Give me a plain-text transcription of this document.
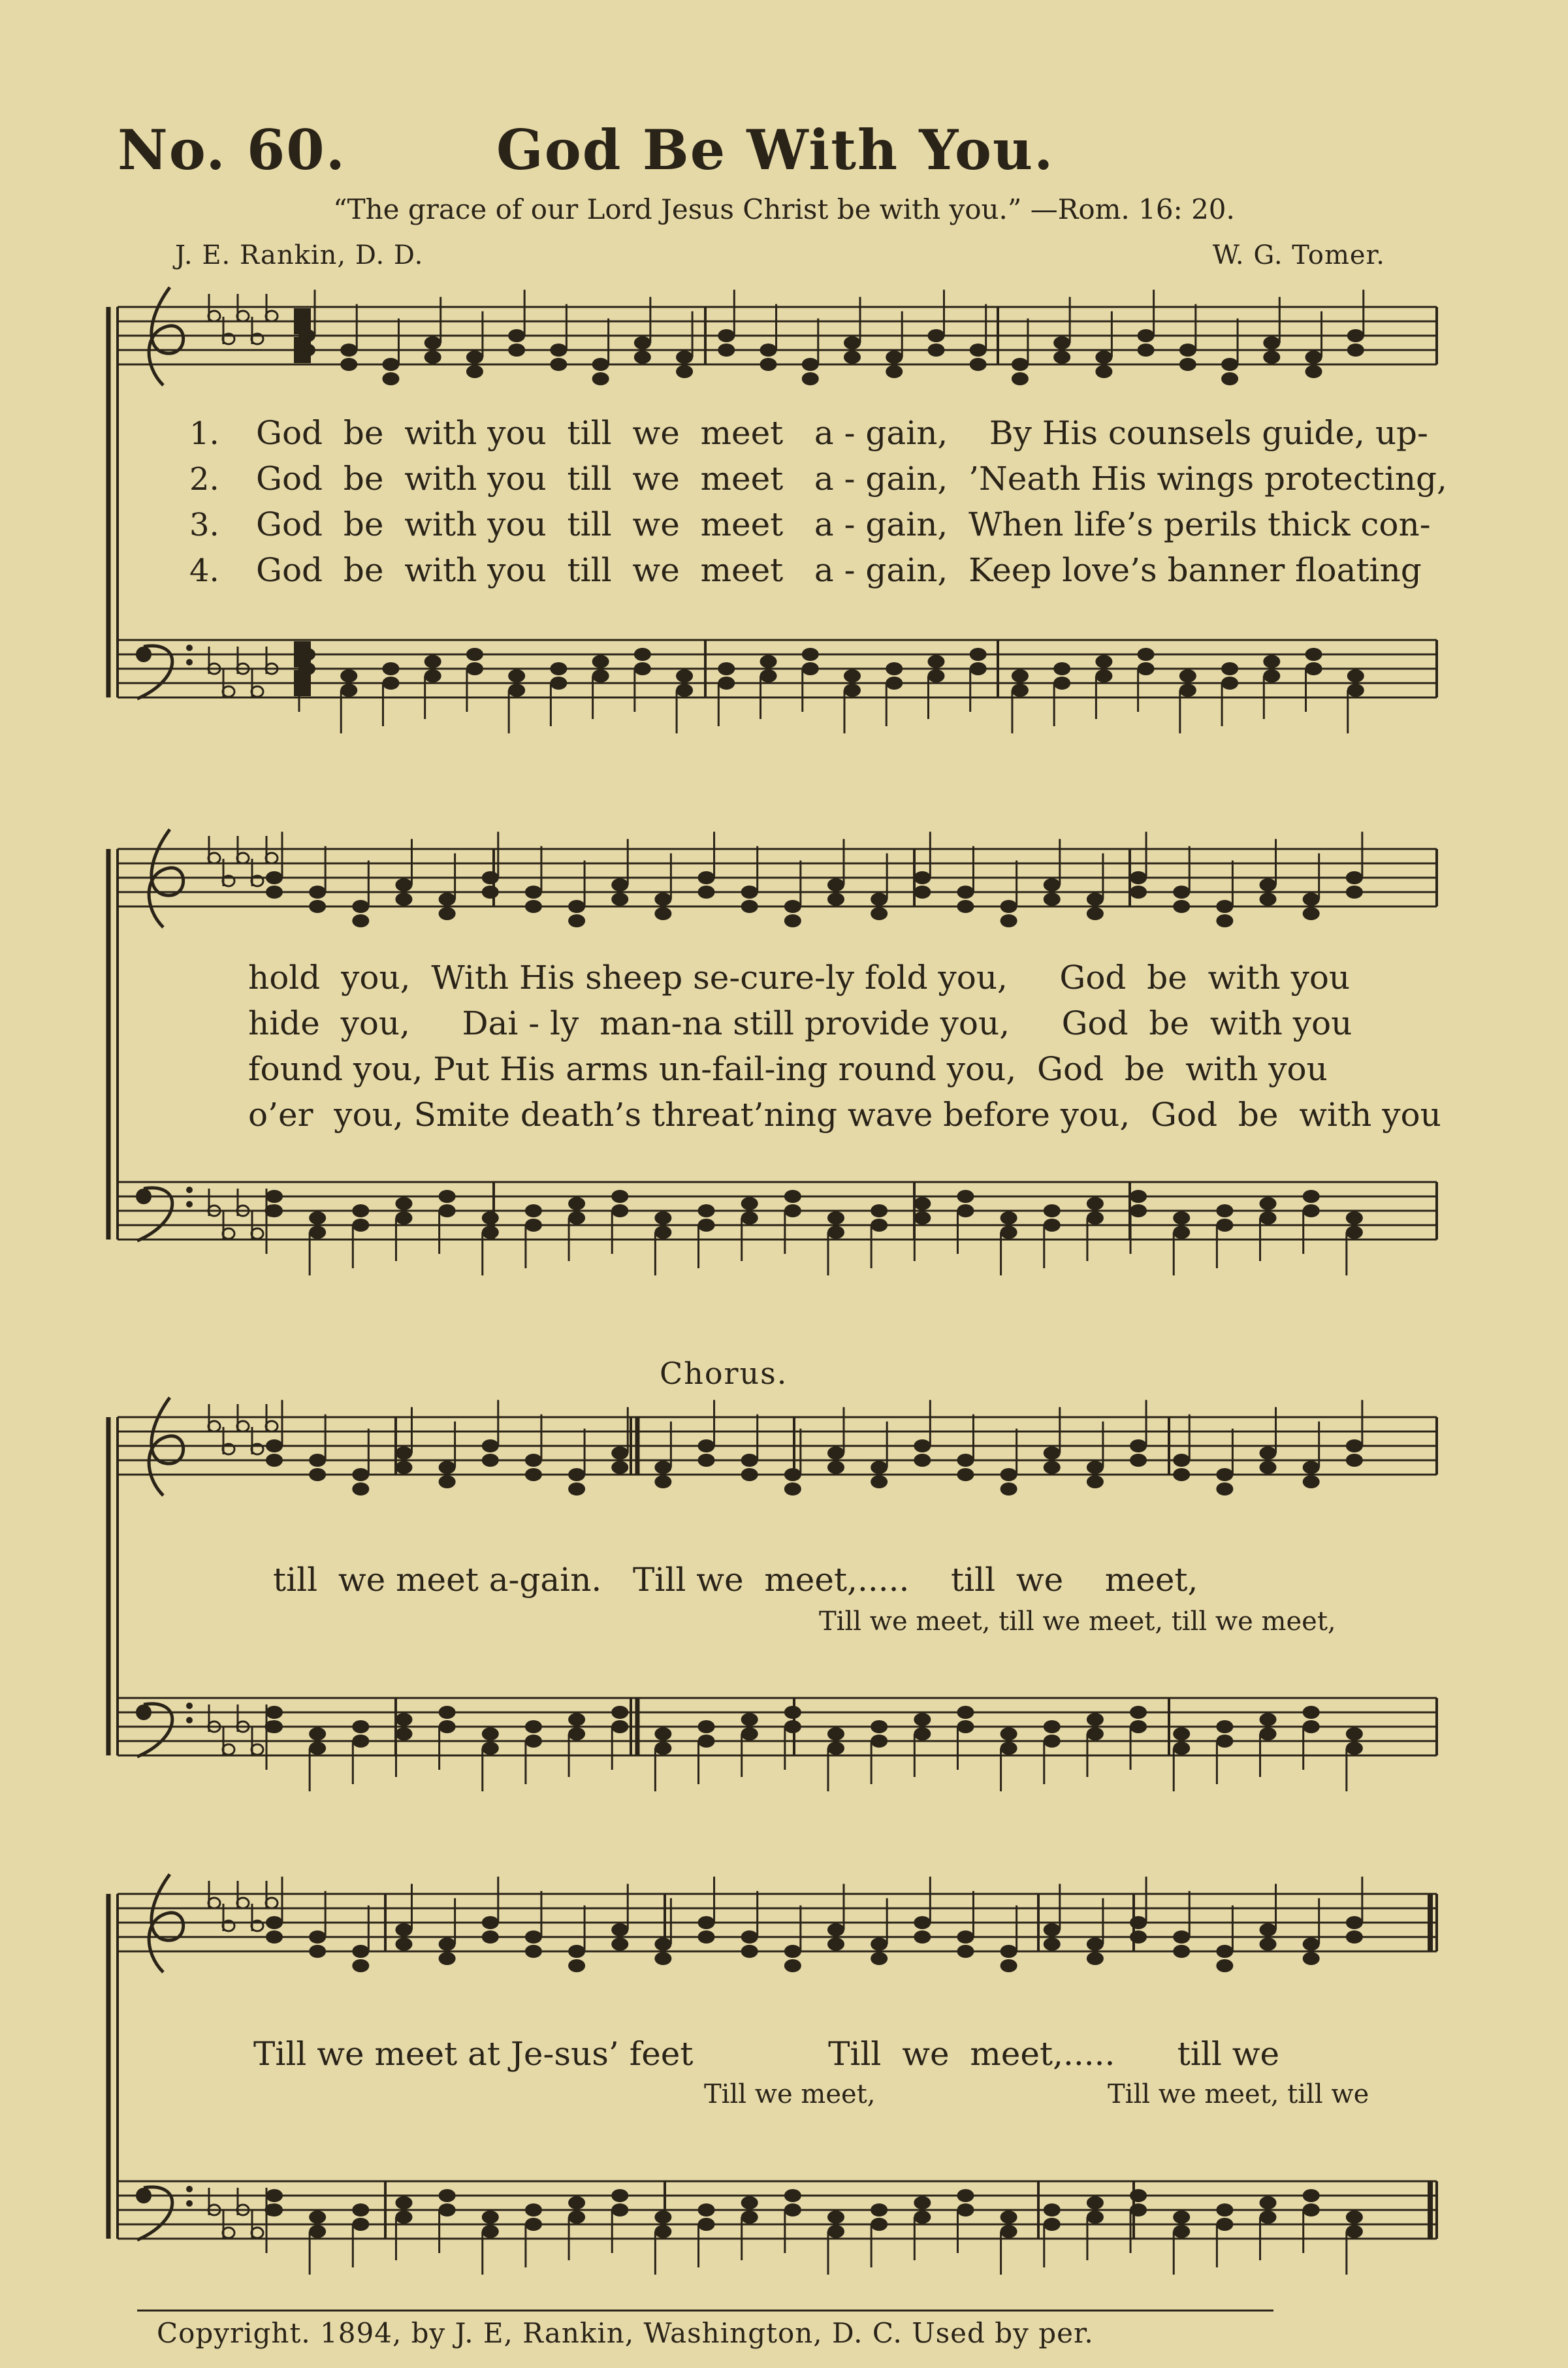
No. 60.	God Be With You.
“The grace of our Lord Jesus Christ be with you.” —Rom. 16: 20.
J. E. Rankin, D. D.	W. G. Tomer.
1.
2.
3.
4.
God  be  with you  till  we  meet   a - gain,    By His counsels guide, up-
God  be  with you  till  we  meet   a - gain,  ’Neath His wings protecting,
God  be  with you  till  we  meet   a - gain,  When life’s perils thick con-
God  be  with you  till  we  meet   a - gain,  Keep love’s banner floating
hold  you,  With His sheep se-cure-ly fold you,     God  be  with you
hide  you,     Dai - ly  man-na still provide you,     God  be  with you
found you, Put His arms un-fail-ing round you,  God  be  with you
o’er  you, Smite death’s threat’ning wave before you,  God  be  with you
Chorus.
till  we meet a-gain.   Till we  meet,.....    till  we    meet,
Till we meet, till we meet, till we meet,
Till we meet at Je-sus’ feet             Till  we  meet,.....      till we
Till we meet,	Till we meet, till we
Copyright. 1894, by J. E, Rankin, Washington, D. C. Used by per.
